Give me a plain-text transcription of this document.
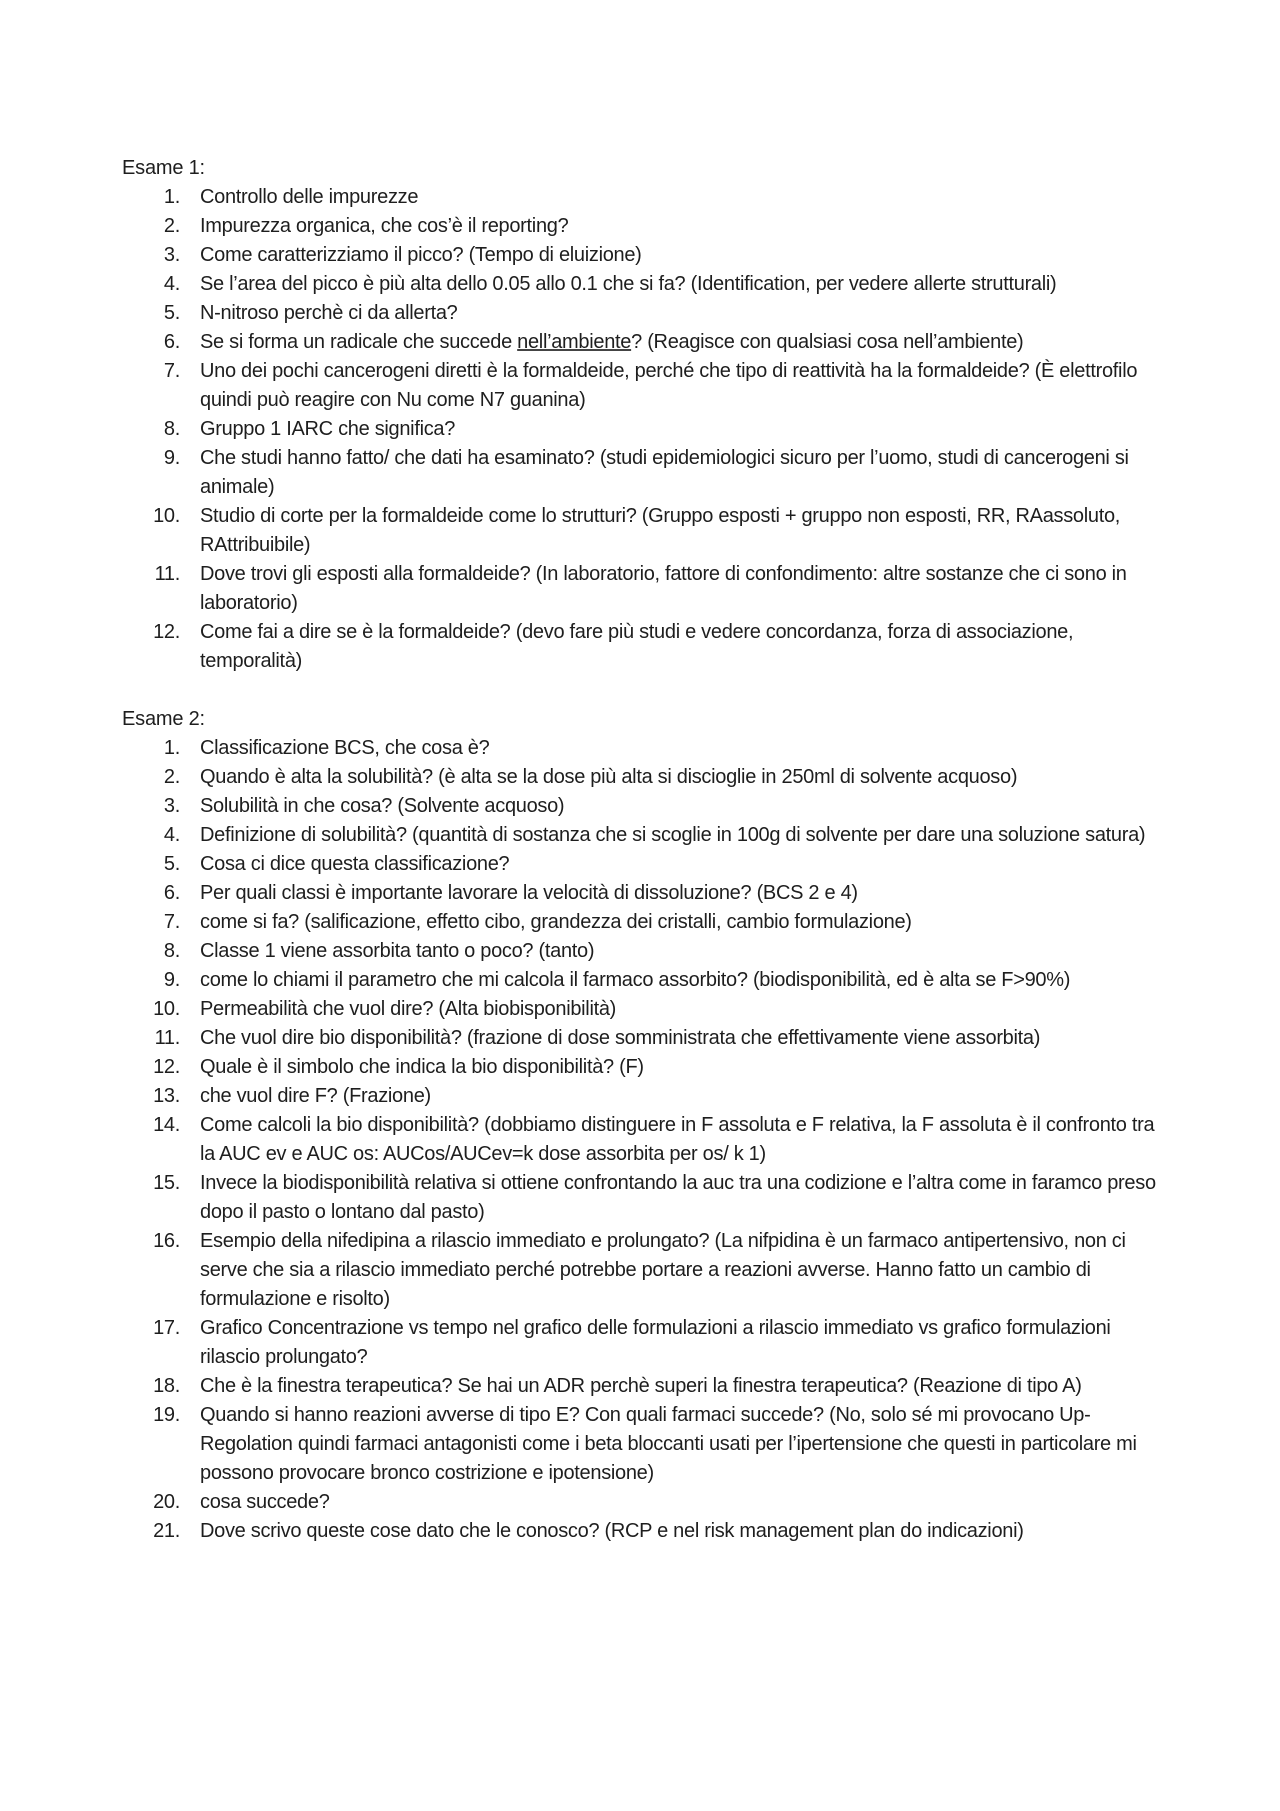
Esame 1:
1. Controllo delle impurezze
2. Impurezza organica, che cos’è il reporting?
3. Come caratterizziamo il picco? (Tempo di eluizione)
4. Se l’area del picco è più alta dello 0.05 allo 0.1 che si fa? (Identification, per vedere allerte strutturali)
5. N-nitroso perchè ci da allerta?
6. Se si forma un radicale che succede nell’ambiente? (Reagisce con qualsiasi cosa nell’ambiente)
7. Uno dei pochi cancerogeni diretti è la formaldeide, perché che tipo di reattività ha la formaldeide? (È elettrofilo quindi può reagire con Nu come N7 guanina)
8. Gruppo 1 IARC che significa?
9. Che studi hanno fatto/ che dati ha esaminato? (studi epidemiologici sicuro per l’uomo, studi di cancerogeni si animale)
10. Studio di corte per la formaldeide come lo strutturi? (Gruppo esposti + gruppo non esposti, RR, RAassoluto, RAttribuibile)
11. Dove trovi gli esposti alla formaldeide? (In laboratorio, fattore di confondimento: altre sostanze che ci sono in laboratorio)
12. Come fai a dire se è la formaldeide? (devo fare più studi e vedere concordanza, forza di associazione, temporalità)
Esame 2:
1. Classificazione BCS, che cosa è?
2. Quando è alta la solubilità? (è alta se la dose più alta si discioglie in 250ml di solvente acquoso)
3. Solubilità in che cosa? (Solvente acquoso)
4. Definizione di solubilità? (quantità di sostanza che si scoglie in 100g di solvente per dare una soluzione satura)
5. Cosa ci dice questa classificazione?
6. Per quali classi è importante lavorare la velocità di dissoluzione? (BCS 2 e 4)
7. come si fa? (salificazione, effetto cibo, grandezza dei cristalli, cambio formulazione)
8. Classe 1 viene assorbita tanto o poco? (tanto)
9. come lo chiami il parametro che mi calcola il farmaco assorbito? (biodisponibilità, ed è alta se F>90%)
10. Permeabilità che vuol dire? (Alta biobisponibilità)
11. Che vuol dire bio disponibilità? (frazione di dose somministrata che effettivamente viene assorbita)
12. Quale è il simbolo che indica la bio disponibilità? (F)
13. che vuol dire F? (Frazione)
14. Come calcoli la bio disponibilità? (dobbiamo distinguere in F assoluta e F relativa, la F assoluta è il confronto tra la AUC ev e AUC os: AUCos/AUCev=k dose assorbita per os/ k 1)
15. Invece la biodisponibilità relativa si ottiene confrontando la auc tra una codizione e l’altra come in faramco preso dopo il pasto o lontano dal pasto)
16. Esempio della nifedipina a rilascio immediato e prolungato? (La nifpidina è un farmaco antipertensivo, non ci serve che sia a rilascio immediato perché potrebbe portare a reazioni avverse. Hanno fatto un cambio di formulazione e risolto)
17. Grafico Concentrazione vs tempo nel grafico delle formulazioni a rilascio immediato vs grafico formulazioni rilascio prolungato?
18. Che è la finestra terapeutica? Se hai un ADR perchè superi la finestra terapeutica? (Reazione di tipo A)
19. Quando si hanno reazioni avverse di tipo E? Con quali farmaci succede? (No, solo sé mi provocano Up-Regolation quindi farmaci antagonisti come i beta bloccanti usati per l’ipertensione che questi in particolare mi possono provocare bronco costrizione e ipotensione)
20. cosa succede?
21. Dove scrivo queste cose dato che le conosco? (RCP e nel risk management plan do indicazioni)
